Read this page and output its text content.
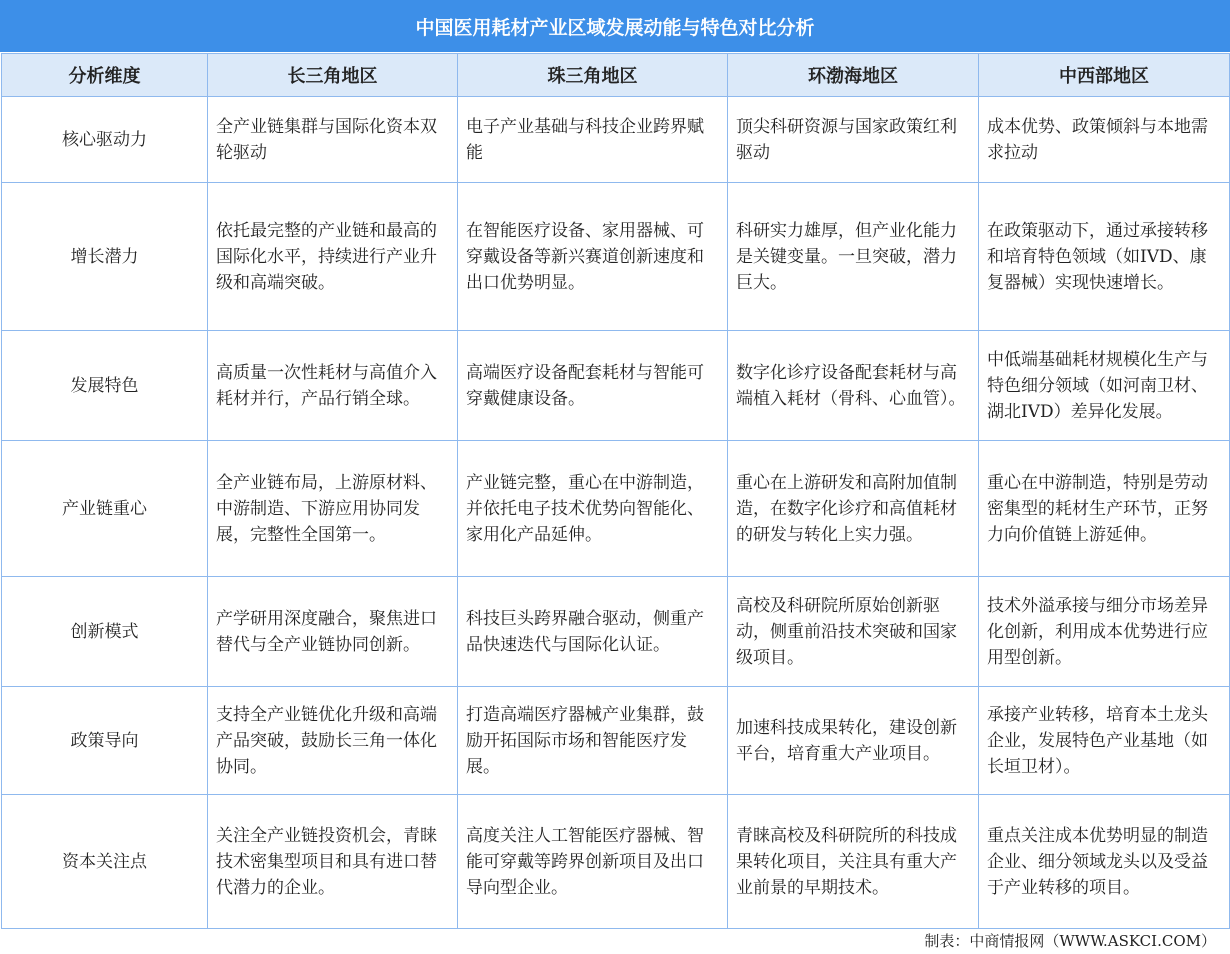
中国医用耗材产业区域发展动能与特色对比分析
分析维度	长三角地区	珠三角地区	环渤海地区	中西部地区
核心驱动力	全产业链集群与国际化资本双轮驱动	电子产业基础与科技企业跨界赋能	顶尖科研资源与国家政策红利驱动	成本优势、政策倾斜与本地需求拉动
增长潜力	依托最完整的产业链和最高的国际化水平，持续进行产业升级和高端突破。	在智能医疗设备、家用器械、可穿戴设备等新兴赛道创新速度和出口优势明显。	科研实力雄厚，但产业化能力是关键变量。一旦突破，潜力巨大。	在政策驱动下，通过承接转移和培育特色领域（如IVD、康复器械）实现快速增长。
发展特色	高质量一次性耗材与高值介入耗材并行，产品行销全球。	高端医疗设备配套耗材与智能可穿戴健康设备。	数字化诊疗设备配套耗材与高端植入耗材（骨科、心血管）。	中低端基础耗材规模化生产与特色细分领域（如河南卫材、湖北IVD）差异化发展。
产业链重心	全产业链布局，上游原材料、中游制造、下游应用协同发展，完整性全国第一。	产业链完整，重心在中游制造，并依托电子技术优势向智能化、家用化产品延伸。	重心在上游研发和高附加值制造，在数字化诊疗和高值耗材的研发与转化上实力强。	重心在中游制造，特别是劳动密集型的耗材生产环节，正努力向价值链上游延伸。
创新模式	产学研用深度融合，聚焦进口替代与全产业链协同创新。	科技巨头跨界融合驱动，侧重产品快速迭代与国际化认证。	高校及科研院所原始创新驱动，侧重前沿技术突破和国家级项目。	技术外溢承接与细分市场差异化创新，利用成本优势进行应用型创新。
政策导向	支持全产业链优化升级和高端产品突破，鼓励长三角一体化协同。	打造高端医疗器械产业集群，鼓励开拓国际市场和智能医疗发展。	加速科技成果转化，建设创新平台，培育重大产业项目。	承接产业转移，培育本土龙头企业，发展特色产业基地（如长垣卫材）。
资本关注点	关注全产业链投资机会，青睐技术密集型项目和具有进口替代潜力的企业。	高度关注人工智能医疗器械、智能可穿戴等跨界创新项目及出口导向型企业。	青睐高校及科研院所的科技成果转化项目，关注具有重大产业前景的早期技术。	重点关注成本优势明显的制造企业、细分领域龙头以及受益于产业转移的项目。
制表：中商情报网（WWW.ASKCI.COM）
